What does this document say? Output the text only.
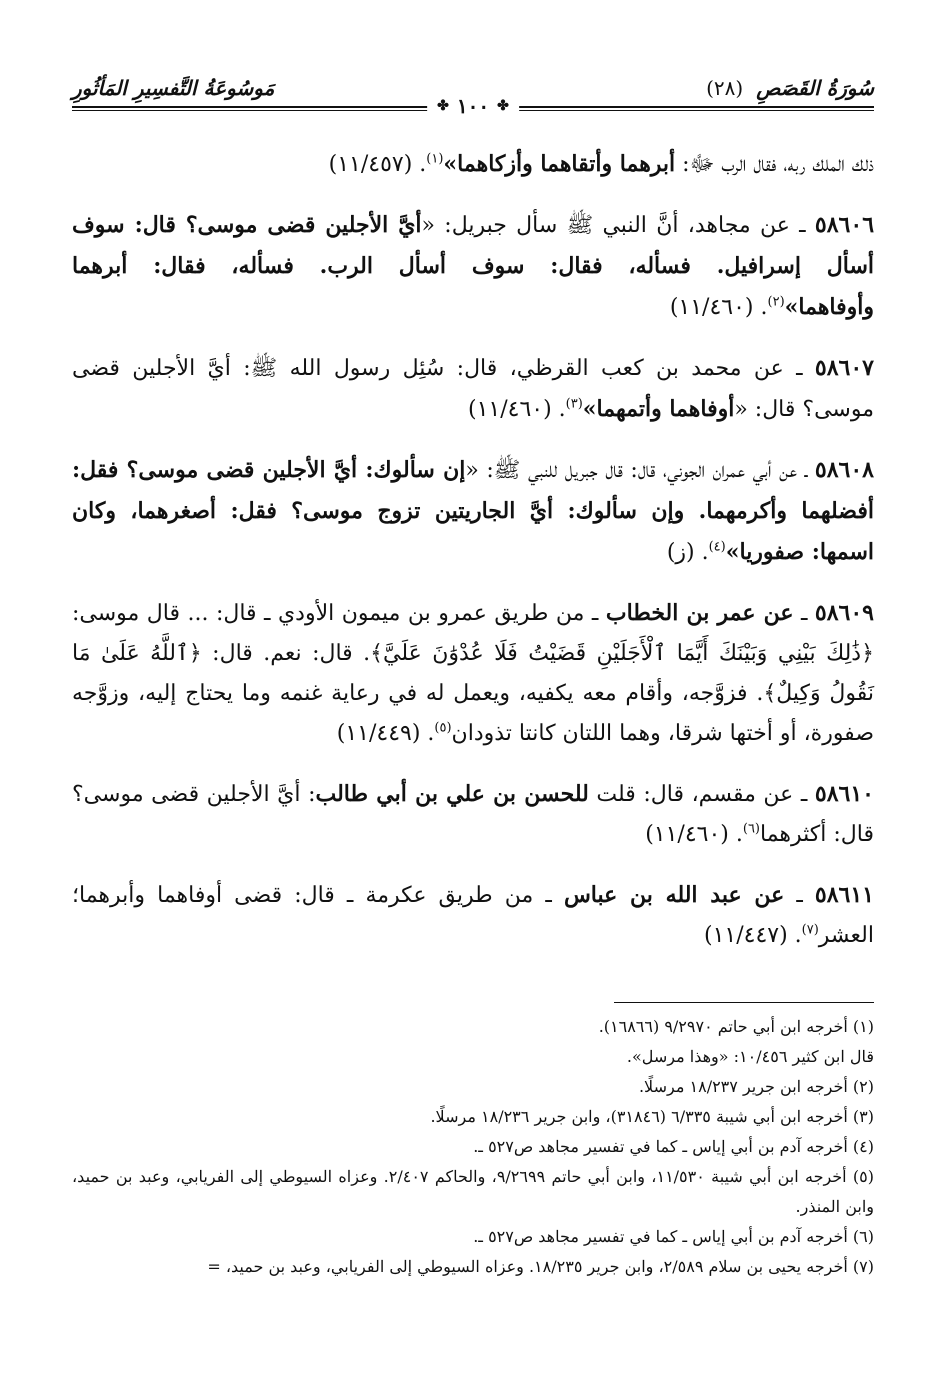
سُورَةُ القَصَصِ (٢٨)
مَوسُوعَةُ التَّفسِيرِ المَأثُورِ
✤ ١٠٠ ✤

ذلك الملك ربه، فقال الرب ﷻ: أبرهما وأتقاهما وأزكاهما»$^{(١)}$. (١١/٤٥٧)

٥٨٦٠٦ ـ عن مجاهد، أنَّ النبي ﷺ سأل جبريل: «أيَّ الأجلين قضى موسى؟ قال: سوف أسأل إسرافيل. فسأله، فقال: سوف أسأل الرب. فسأله، فقال: أبرهما وأوفاهما»$^{(٢)}$. (١١/٤٦٠)

٥٨٦٠٧ ـ عن محمد بن كعب القرظي، قال: سُئِل رسول الله ﷺ: أيَّ الأجلين قضى موسى؟ قال: «أوفاهما وأتمهما»$^{(٣)}$. (١١/٤٦٠)

٥٨٦٠٨ ـ عن أبي عمران الجوني، قال: قال جبريل للنبي ﷺ: «إن سألوك: أيَّ الأجلين قضى موسى؟ فقل: أفضلهما وأكرمهما. وإن سألوك: أيَّ الجاريتين تزوج موسى؟ فقل: أصغرهما، وكان اسمها: صفوريا»$^{(٤)}$. (ز)

٥٨٦٠٩ ـ عن عمر بن الخطاب ـ من طريق عمرو بن ميمون الأودي ـ قال: ... قال موسى: ﴿ذَٰلِكَ بَيْنِي وَبَيْنَكَ أَيَّمَا ٱلْأَجَلَيْنِ قَضَيْتُ فَلَا عُدْوَٰنَ عَلَيَّ﴾. قال: نعم. قال: ﴿ٱللَّهُ عَلَىٰ مَا نَقُولُ وَكِيلٌ﴾. فزوَّجه، وأقام معه يكفيه، ويعمل له في رعاية غنمه وما يحتاج إليه، وزوَّجه صفورة، أو أختها شرقا، وهما اللتان كانتا تذودان$^{(٥)}$. (١١/٤٤٩)

٥٨٦١٠ ـ عن مقسم، قال: قلت للحسن بن علي بن أبي طالب: أيَّ الأجلين قضى موسى؟ قال: أكثرهما$^{(٦)}$. (١١/٤٦٠)

٥٨٦١١ ـ عن عبد الله بن عباس ـ من طريق عكرمة ـ قال: قضى أوفاهما وأبرهما؛ العشر$^{(٧)}$. (١١/٤٤٧)

(١) أخرجه ابن أبي حاتم ٩/٢٩٧٠ (١٦٨٦٦).

قال ابن كثير ١٠/٤٥٦: «وهذا مرسل».

(٢) أخرجه ابن جرير ١٨/٢٣٧ مرسلًا.

(٣) أخرجه ابن أبي شيبة ٦/٣٣٥ (٣١٨٤٦)، وابن جرير ١٨/٢٣٦ مرسلًا.

(٤) أخرجه آدم بن أبي إياس ـ كما في تفسير مجاهد ص٥٢٧ ـ.

(٥) أخرجه ابن أبي شيبة ١١/٥٣٠، وابن أبي حاتم ٩/٢٦٩٩، والحاكم ٢/٤٠٧. وعزاه السيوطي إلى الفريابي، وعبد بن حميد، وابن المنذر.

(٦) أخرجه آدم بن أبي إياس ـ كما في تفسير مجاهد ص٥٢٧ ـ.

(٧) أخرجه يحيى بن سلام ٢/٥٨٩، وابن جرير ١٨/٢٣٥. وعزاه السيوطي إلى الفريابي، وعبد بن حميد، =
